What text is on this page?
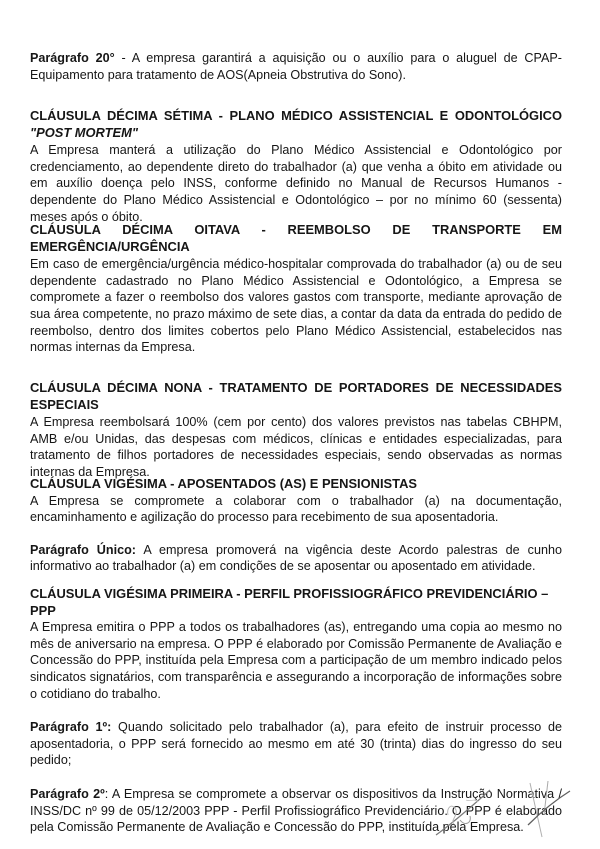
Parágrafo 20° - A empresa garantirá a aquisição ou o auxílio para o aluguel de CPAP-Equipamento para tratamento de AOS(Apneia Obstrutiva do Sono).

CLÁUSULA DÉCIMA SÉTIMA - PLANO MÉDICO ASSISTENCIAL E ODONTOLÓGICO "POST MORTEM"

A Empresa manterá a utilização do Plano Médico Assistencial e Odontológico por credenciamento, ao dependente direto do trabalhador (a) que venha a óbito em atividade ou em auxílio doença pelo INSS, conforme definido no Manual de Recursos Humanos - dependente do Plano Médico Assistencial e Odontológico – por no mínimo 60 (sessenta) meses após o óbito.

CLÁUSULA DÉCIMA OITAVA - REEMBOLSO DE TRANSPORTE EM EMERGÊNCIA/URGÊNCIA

Em caso de emergência/urgência médico-hospitalar comprovada do trabalhador (a) ou de seu dependente cadastrado no Plano Médico Assistencial e Odontológico, a Empresa se compromete a fazer o reembolso dos valores gastos com transporte, mediante aprovação de sua área competente, no prazo máximo de sete dias, a contar da data da entrada do pedido de reembolso, dentro dos limites cobertos pelo Plano Médico Assistencial, estabelecidos nas normas internas da Empresa.

CLÁUSULA DÉCIMA NONA - TRATAMENTO DE PORTADORES DE NECESSIDADES ESPECIAIS

A Empresa reembolsará 100% (cem por cento) dos valores previstos nas tabelas CBHPM, AMB e/ou Unidas, das despesas com médicos, clínicas e entidades especializadas, para tratamento de filhos portadores de necessidades especiais, sendo observadas as normas internas da Empresa.

CLÁUSULA VIGÉSIMA - APOSENTADOS (AS) E PENSIONISTAS

A Empresa se compromete a colaborar com o trabalhador (a) na documentação, encaminhamento e agilização do processo para recebimento de sua aposentadoria.

Parágrafo Único: A empresa promoverá na vigência deste Acordo palestras de cunho informativo ao trabalhador (a) em condições de se aposentar ou aposentado em atividade.

CLÁUSULA VIGÉSIMA PRIMEIRA - PERFIL PROFISSIOGRÁFICO PREVIDENCIÁRIO – PPP

A Empresa emitira o PPP a todos os trabalhadores (as), entregando uma copia ao mesmo no mês de aniversario na empresa. O PPP é elaborado por Comissão Permanente de Avaliação e Concessão do PPP, instituída pela Empresa com a participação de um membro indicado pelos sindicatos signatários, com transparência e assegurando a incorporação de informações sobre o cotidiano do trabalho.

Parágrafo 1º: Quando solicitado pelo trabalhador (a), para efeito de instruir processo de aposentadoria, o PPP será fornecido ao mesmo em até 30 (trinta) dias do ingresso do seu pedido;

Parágrafo 2º: A Empresa se compromete a observar os dispositivos da Instrução Normativa / INSS/DC nº 99 de 05/12/2003 PPP - Perfil Profissiográfico Previdenciário. O PPP é elaborado pela Comissão Permanente de Avaliação e Concessão do PPP, instituída pela Empresa.
